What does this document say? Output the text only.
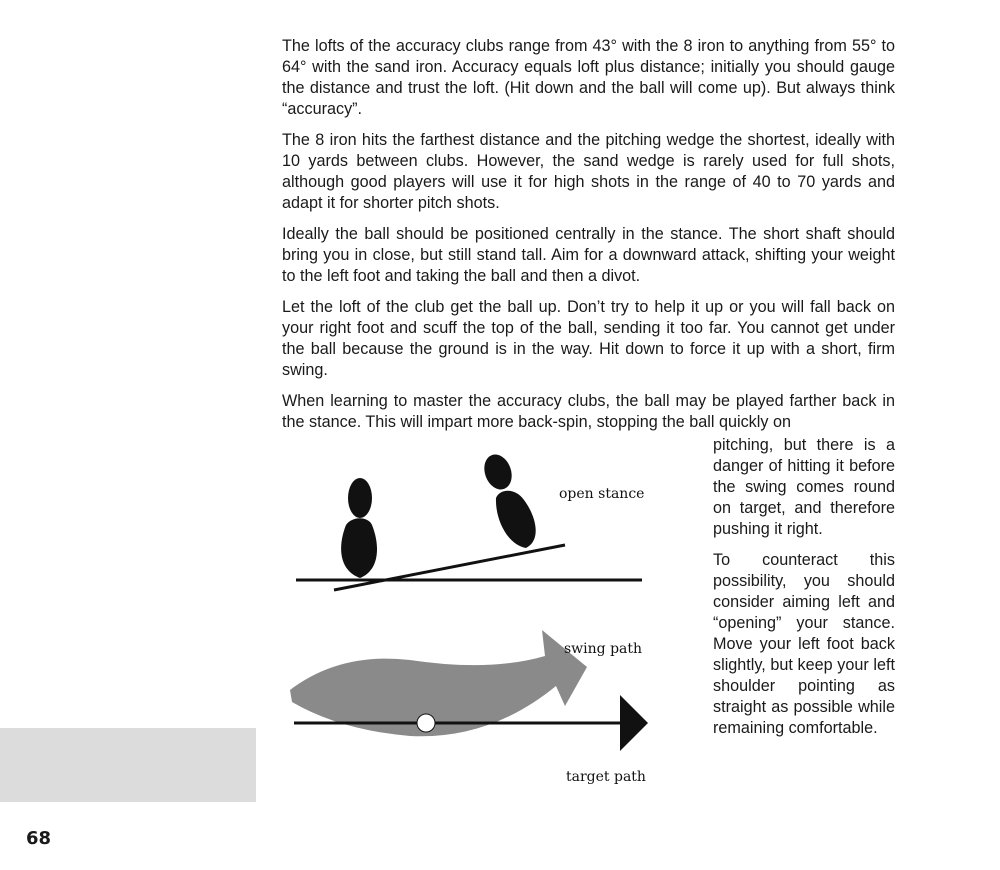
The lofts of the accuracy clubs range from 43° with the 8 iron to anything from 55° to 64° with the sand iron. Accuracy equals loft plus distance; initially you should gauge the distance and trust the loft. (Hit down and the ball will come up). But always think “accuracy”.

The 8 iron hits the farthest distance and the pitching wedge the shortest, ideally with 10 yards between clubs. However, the sand wedge is rarely used for full shots, although good players will use it for high shots in the range of 40 to 70 yards and adapt it for shorter pitch shots.

Ideally the ball should be positioned centrally in the stance. The short shaft should bring you in close, but still stand tall. Aim for a downward attack, shifting your weight to the left foot and taking the ball and then a divot.

Let the loft of the club get the ball up. Don’t try to help it up or you will fall back on your right foot and scuff the top of the ball, sending it too far. You cannot get under the ball because the ground is in the way. Hit down to force it up with a short, firm swing.

When learning to master the accuracy clubs, the ball may be played farther back in the stance. This will impart more back-spin, stopping the ball quickly on

pitching, but there is a danger of hitting it before the swing comes round on target, and therefore pushing it right.

To counteract this possibility, you should consider aiming left and “opening” your stance. Move your left foot back slightly, but keep your left shoulder pointing as straight as possible while remaining comfortable.

open stance
swing path
target path
68
